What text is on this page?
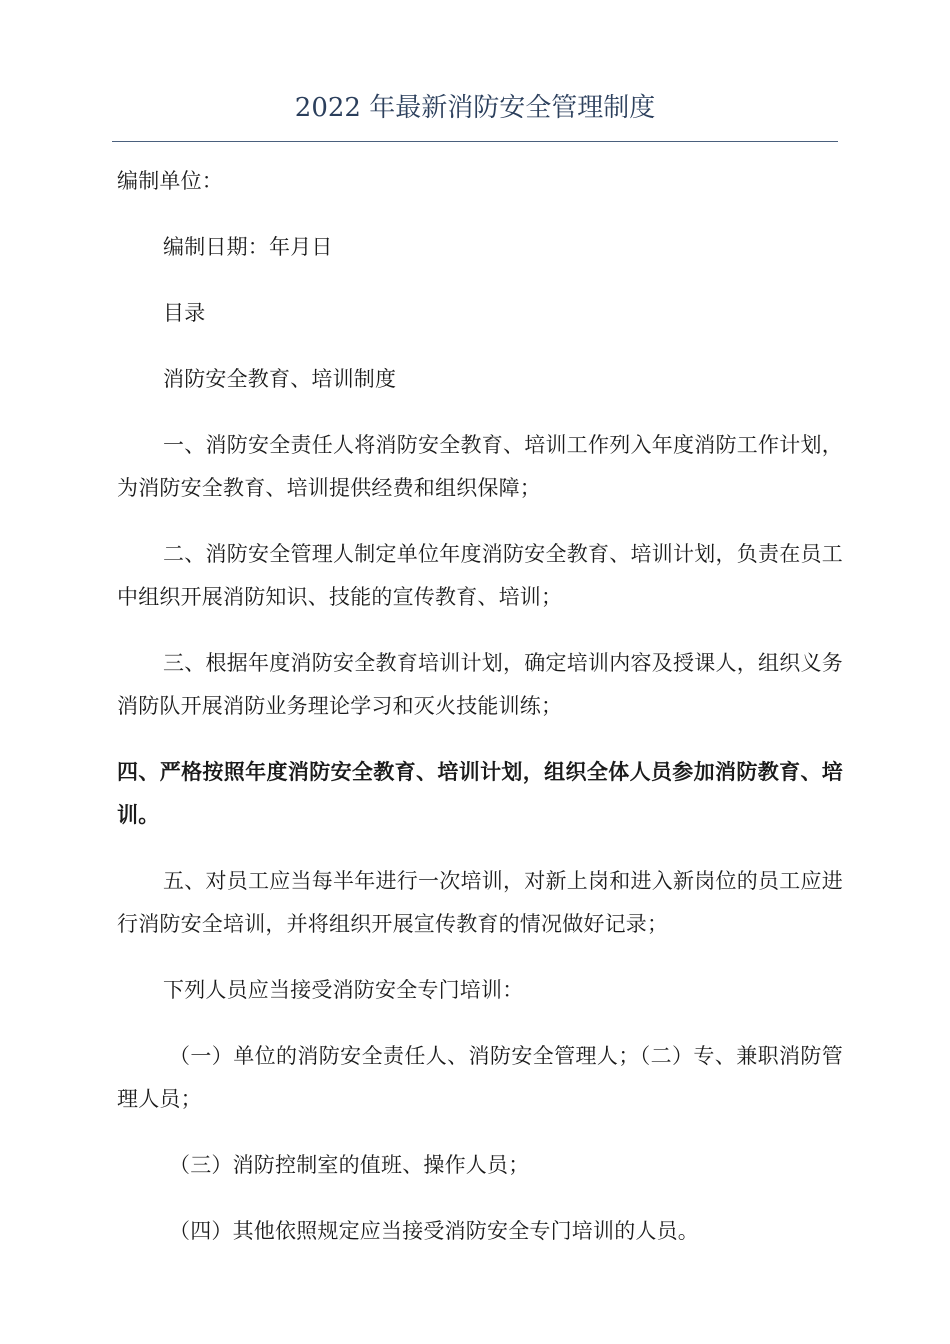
2022 年最新消防安全管理制度

编制单位：

编制日期：年月日

目录

消防安全教育、培训制度

一、消防安全责任人将消防安全教育、培训工作列入年度消防工作计划，为消防安全教育、培训提供经费和组织保障；

二、消防安全管理人制定单位年度消防安全教育、培训计划，负责在员工中组织开展消防知识、技能的宣传教育、培训；

三、根据年度消防安全教育培训计划，确定培训内容及授课人，组织义务消防队开展消防业务理论学习和灭火技能训练；

四、严格按照年度消防安全教育、培训计划，组织全体人员参加消防教育、培训。

五、对员工应当每半年进行一次培训，对新上岗和进入新岗位的员工应进行消防安全培训，并将组织开展宣传教育的情况做好记录；

下列人员应当接受消防安全专门培训：

（一）单位的消防安全责任人、消防安全管理人；（二）专、兼职消防管理人员；

（三）消防控制室的值班、操作人员；

（四）其他依照规定应当接受消防安全专门培训的人员。
